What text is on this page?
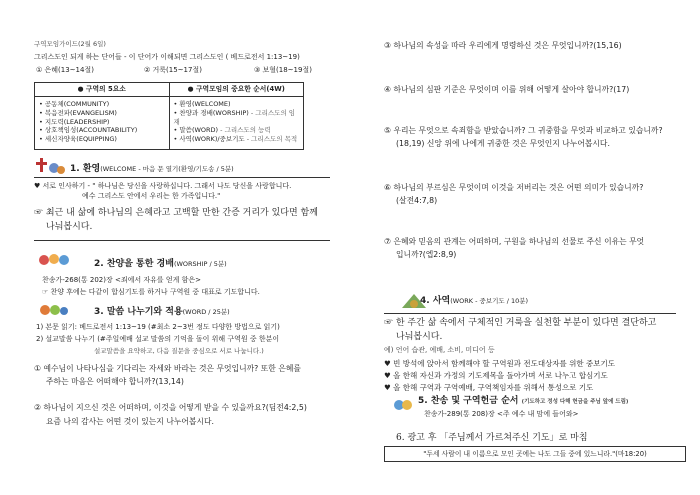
구역모임가이드(2월 6일)
그리스도인 되게 하는 단어들 - 이 단어가 이해되면 그리스도인 ( 베드로전서 1:13~19)
① 은혜(13~14절)	② 거룩(15~17절)	③ 보혈(18~19절)
● 구역의 5요소
• 공동체(COMMUNITY)
• 복음전파(EVANGELISM)
• 지도력(LEADERSHIP)
• 상호책임성(ACCOUNTABILITY)
• 세신자양육(EQUIPPING)
● 구역모임의 중요한 순서(4W)
• 환영(WELCOME)
• 찬양과 경배(WORSHIP) - 그리스도의 임재
• 말씀(WORD) - 그리스도의 능력
• 사역(WORK)/중보기도 - 그리스도의 목적
1. 환영(WELCOME - 마음 문 열기(환영/기도송 / 5분)
♥ 서로 인사하기 - " 하나님은 당신을 사랑하십니다. 그래서 나도 당신을 사랑합니다.
예수 그리스도 안에서 우리는 한 가족입니다."
☞ 최근 내 삶에 하나님의 은혜라고 고백할 만한 간증 거리가 있다면 함께
나눠봅시다.
2. 찬양을 통한 경배(WORSHIP / 5분)
찬송가-268(통 202)장 <죄에서 자유를 얻게 함은>
☞ 찬양 후에는 다같이 합심기도를 하거나 구역원 중 대표로 기도합니다.
3. 말씀 나누기와 적용(WORD / 25분)
1) 본문 읽기: 베드로전서 1:13~19 (#최소 2~3번 정도 다양한 방법으로 읽기)
2) 설교말씀 나누기 (#주일예배 설교 말씀의 기억을 돌이 위해 구역원 중 한분이
설교말씀을 요약하고, 다음 질문을 중심으로 서로 나눕니다.)
① 예수님이 나타나심을 기다리는 자세와 바라는 것은 무엇입니까? 또한 은혜를
주하는 마음은 어떠해야 합니까?(13,14)
② 하나님이 지으신 것은 어떠하며, 이것을 어떻게 받을 수 있을까요?(딤전4:2,5)
요즘 나의 감사는 어떤 것이 있는지 나누어봅시다.
③ 하나님의 속성을 따라 우리에게 명령하신 것은 무엇입니까?(15,16)
④ 하나님의 심판 기준은 무엇이며 이를 위해 어떻게 살아야 합니까?(17)
⑤ 우리는 무엇으로 속죄함을 받았습니까? 그 귀중함을 무엇과 비교하고 있습니까?
(18,19) 신앙 위에 나에게 귀중한 것은 무엇인지 나누어봅시다.
⑥ 하나님의 부르심은 무엇이며 이것을 저버리는 것은 어떤 의미가 있습니까?
(살전4:7,8)
⑦ 은혜와 믿음의 관계는 어떠하며, 구원을 하나님의 선물로 주신 이유는 무엇
입니까?(엡2:8,9)
4. 사역(WORK - 중보기도 / 10분)
☞ 한 주간 삶 속에서 구체적인 거룩을 실천할 부분이 있다면 결단하고
나눠봅시다.
예) 언어 습관, 예배, 소비, 미디어 등
♥ 빈 방석에 앉아서 함께해야 할 구역원과 전도대상자를 위한 중보기도
♥ 올 한해 자신과 가정의 기도제목을 돌아가며 서로 나누고 합심기도
♥ 올 한해 구역과 구역예배, 구역책임자를 위해서 통성으로 기도
5. 찬송 및 구역헌금 순서 (기도하고 정성 다해 헌금을 주님 앞에 드림)
찬송가-289(통 208)장 <주 예수 내 맘에 들어와>
6. 광고 후 「주님께서 가르쳐주신 기도」로 마침
"두세 사람이 내 이름으로 모인 곳에는 나도 그들 중에 있느니라."(마18:20)
